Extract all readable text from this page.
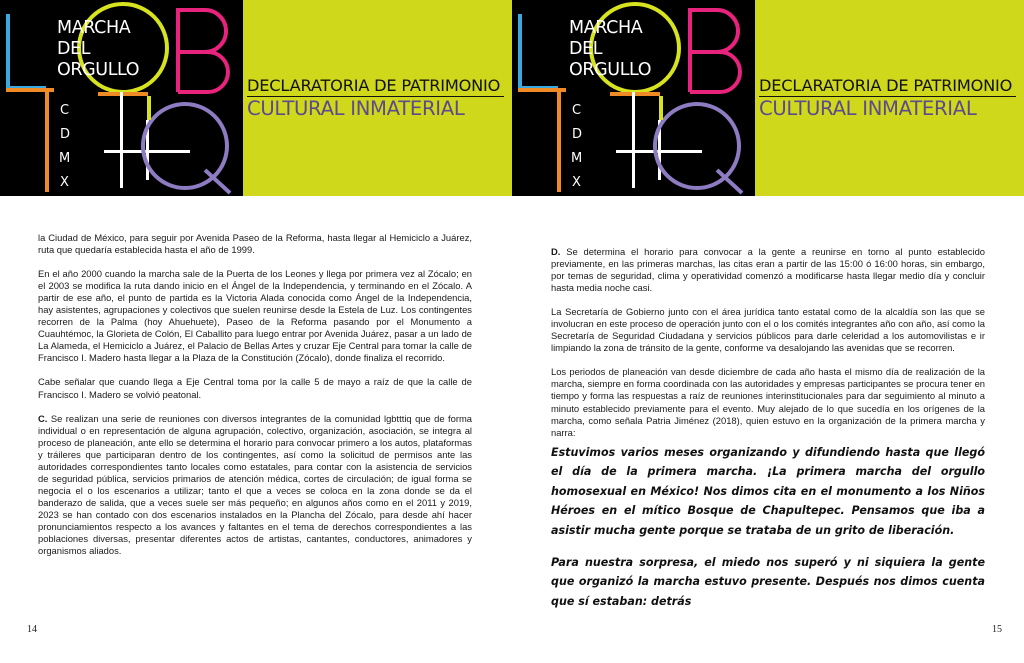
MARCHA
DEL
ORGULLO
C
D
M
X
DECLARATORIA DE PATRIMONIO
CULTURAL INMATERIAL

la Ciudad de México, para seguir por Avenida Paseo de la Reforma, hasta llegar al Hemiciclo a Juárez, ruta que quedaría establecida hasta el año de 1999.

En el año 2000 cuando la marcha sale de la Puerta de los Leones y llega por primera vez al Zócalo; en el 2003 se modifica la ruta dando inicio en el Ángel de la Independencia, y terminando en el Zócalo. A partir de ese año, el punto de partida es la Victoria Alada conocida como Ángel de la Independencia, hay asistentes, agrupaciones y colectivos que suelen reunirse desde la Estela de Luz. Los contingentes recorren de la Palma (hoy Ahuehuete), Paseo de la Reforma pasando por el Monumento a Cuauhtémoc, la Glorieta de Colón, El Caballito para luego entrar por Avenida Juárez, pasar a un lado de La Alameda, el Hemiciclo a Juárez, el Palacio de Bellas Artes y cruzar Eje Central para tomar la calle de Francisco I. Madero hasta llegar a la Plaza de la Constitución (Zócalo), donde finaliza el recorrido.

Cabe señalar que cuando llega a Eje Central toma por la calle 5 de mayo a raíz de que la calle de Francisco I. Madero se volvió peatonal.

C. Se realizan una serie de reuniones con diversos integrantes de la comunidad lgbtttiq que de forma individual o en representación de alguna agrupación, colectivo, organización, asociación, se integra al proceso de planeación, ante ello se determina el horario para convocar primero a los autos, plataformas y tráileres que participaran dentro de los contingentes, así como la solicitud de permisos ante las autoridades correspondientes tanto locales como estatales, para contar con la asistencia de servicios de seguridad pública, servicios primarios de atención médica, cortes de circulación; de igual forma se negocia el o los escenarios a utilizar; tanto el que a veces se coloca en la zona donde se da el banderazo de salida, que a veces suele ser más pequeño; en algunos años como en el 2011 y 2019, 2023 se han contado con dos escenarios instalados en la Plancha del Zócalo, para desde ahí hacer pronunciamientos respecto a los avances y faltantes en el tema de derechos correspondientes a las poblaciones diversas, presentar diferentes actos de artistas, cantantes, conductores, animadores y organismos aliados.

14
MARCHA
DEL
ORGULLO
C
D
M
X
DECLARATORIA DE PATRIMONIO
CULTURAL INMATERIAL

D. Se determina el horario para convocar a la gente a reunirse en torno al punto establecido previamente, en las primeras marchas, las citas eran a partir de las 15:00 ó 16:00 horas, sin embargo, por temas de seguridad, clima y operatividad comenzó a modificarse hasta llegar medio día y concluir hasta media noche casi.

La Secretaría de Gobierno junto con el área jurídica tanto estatal como de la alcaldía son las que se involucran en este proceso de operación junto con el o los comités integrantes año con año, así como la Secretaría de Seguridad Ciudadana y servicios públicos para darle celeridad a los automovilistas e ir limpiando la zona de tránsito de la gente, conforme va desalojando las avenidas que se recorren.

Los periodos de planeación van desde diciembre de cada año hasta el mismo día de realización de la marcha, siempre en forma coordinada con las autoridades y empresas participantes se procura tener en tiempo y forma las respuestas a raíz de reuniones interinstitucionales para dar seguimiento al minuto a minuto establecido previamente para el evento. Muy alejado de lo que sucedía en los orígenes de la marcha, como señala Patria Jiménez (2018), quien estuvo en la organización de la primera marcha y narra:

Estuvimos varios meses organizando y difundiendo hasta que llegó el día de la primera marcha. ¡La primera marcha del orgullo homosexual en México! Nos dimos cita en el monumento a los Niños Héroes en el mítico Bosque de Chapultepec. Pensamos que iba a asistir mucha gente porque se trataba de un grito de liberación.

Para nuestra sorpresa, el miedo nos superó y ni siquiera la gente que organizó la marcha estuvo presente. Después nos dimos cuenta que sí estaban: detrás

15
